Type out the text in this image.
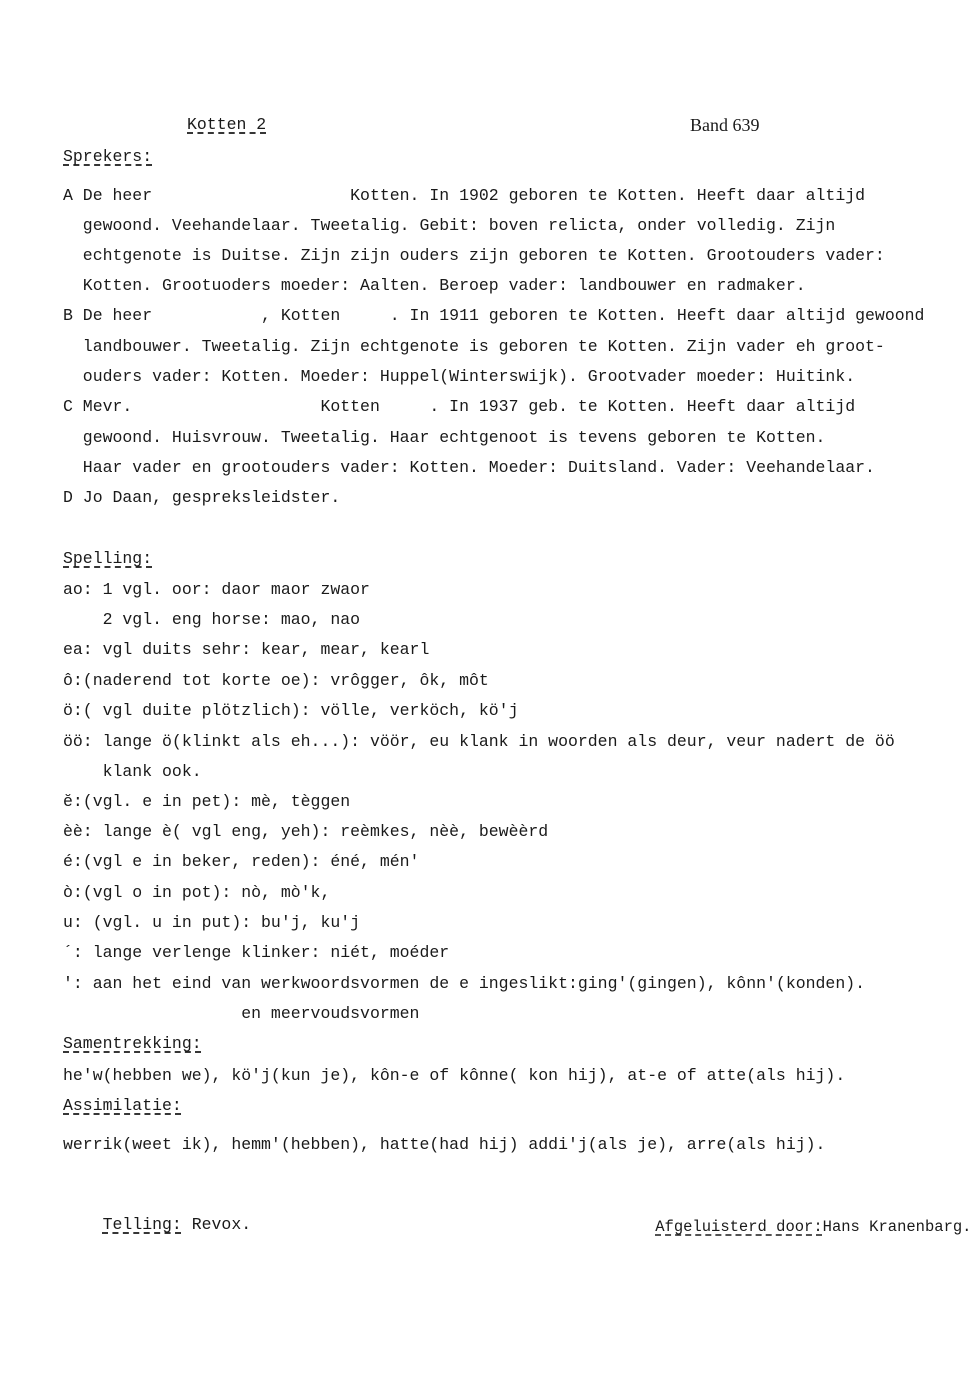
Kotten 2	Band 639
Sprekers:
A De heer                    Kotten. In 1902 geboren te Kotten. Heeft daar altijd
gewoond. Veehandelaar. Tweetalig. Gebit: boven relicta, onder volledig. Zijn
echtgenote is Duitse. Zijn zijn ouders zijn geboren te Kotten. Grootouders vader:
Kotten. Grootuoders moeder: Aalten. Beroep vader: landbouwer en radmaker.
B De heer           , Kotten     . In 1911 geboren te Kotten. Heeft daar altijd gewoond
landbouwer. Tweetalig. Zijn echtgenote is geboren te Kotten. Zijn vader eh groot-
ouders vader: Kotten. Moeder: Huppel(Winterswijk). Grootvader moeder: Huitink.
C Mevr.                   Kotten     . In 1937 geb. te Kotten. Heeft daar altijd
gewoond. Huisvrouw. Tweetalig. Haar echtgenoot is tevens geboren te Kotten.
Haar vader en grootouders vader: Kotten. Moeder: Duitsland. Vader: Veehandelaar.
D Jo Daan, gespreksleidster.
Spelling:
ao: 1 vgl. oor: daor maor zwaor
2 vgl. eng horse: mao, nao
ea: vgl duits sehr: kear, mear, kearl
ô:(naderend tot korte oe): vrôgger, ôk, môt
ö:( vgl duite plötzlich): völle, verköch, kö'j
öö: lange ö(klinkt als eh...): vöör, eu klank in woorden als deur, veur nadert de öö
klank ook.
ĕ:(vgl. e in pet): mè, tèggen
èè: lange è( vgl eng, yeh): reèmkes, nèè, bewèèrd
é:(vgl e in beker, reden): éné, mén'
ò:(vgl o in pot): nò, mò'k,
u: (vgl. u in put): bu'j, ku'j
´: lange verlenge klinker: niét, moéder
': aan het eind van werkwoordsvormen de e ingeslikt:ging'(gingen), kônn'(konden).
en meervoudsvormen
Samentrekking:
he'w(hebben we), kö'j(kun je), kôn-e of kônne( kon hij), at-e of atte(als hij).
Assimilatie:
werrik(weet ik), hemm'(hebben), hatte(had hij) addi'j(als je), arre(als hij).

Telling: Revox.
	Afgeluisterd door:Hans Kranenbarg.
